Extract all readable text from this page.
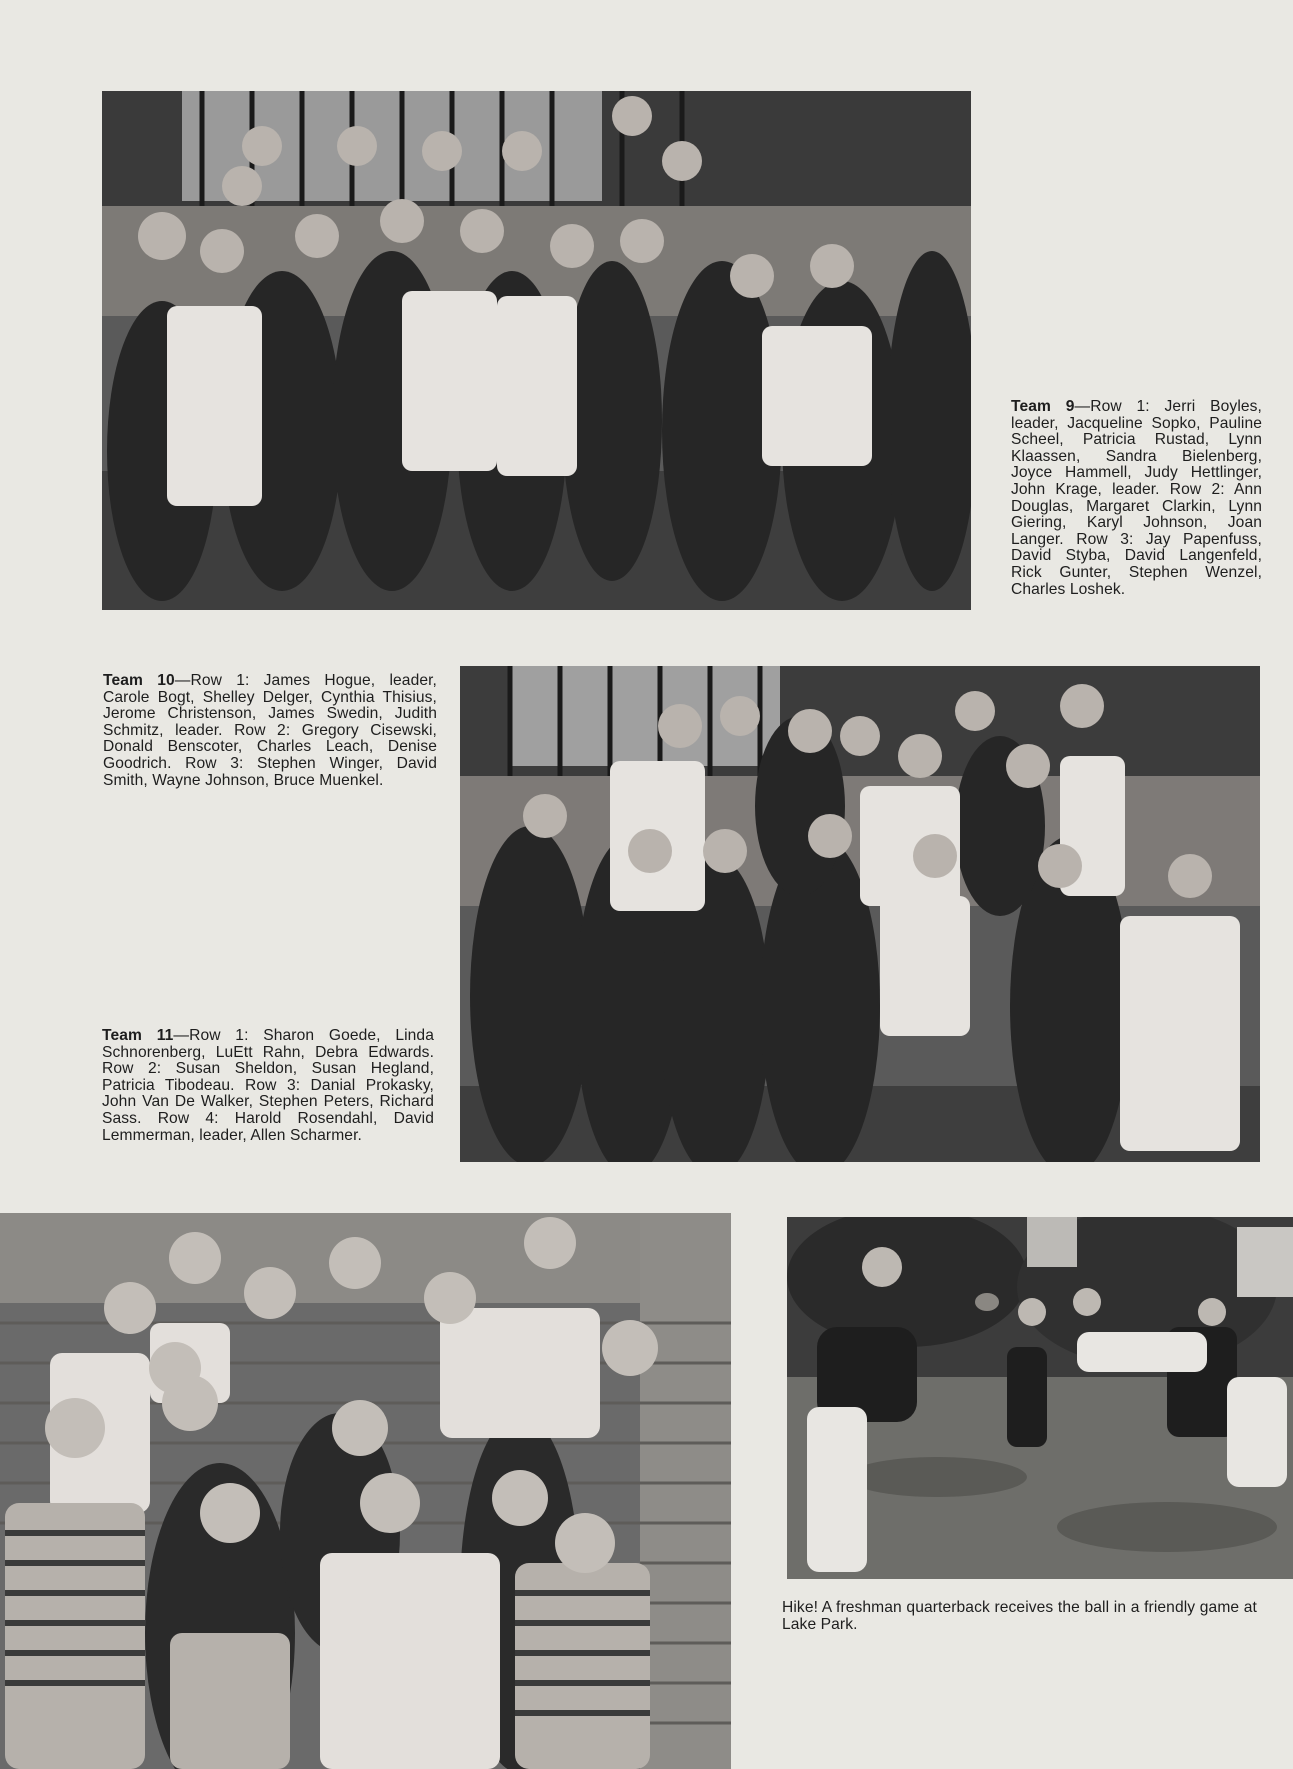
Team 9—Row 1: Jerri Boyles, leader, Jacqueline Sopko, Pauline Scheel, Patricia Rustad, Lynn Klaassen, Sandra Bielenberg, Joyce Hammell, Judy Hettlinger, John Krage, leader. Row 2: Ann Douglas, Margaret Clarkin, Lynn Giering, Karyl Johnson, Joan Langer. Row 3: Jay Papenfuss, David Styba, David Langenfeld, Rick Gunter, Stephen Wenzel, Charles Loshek.
Team 10—Row 1: James Hogue, leader, Carole Bogt, Shelley Delger, Cynthia Thisius, Jerome Christenson, James Swedin, Judith Schmitz, leader. Row 2: Gregory Cisewski, Donald Benscoter, Charles Leach, Denise Goodrich. Row 3: Stephen Winger, David Smith, Wayne Johnson, Bruce Muenkel.
Team 11—Row 1: Sharon Goede, Linda Schnorenberg, LuEtt Rahn, Debra Edwards. Row 2: Susan Sheldon, Susan Hegland, Patricia Tibodeau. Row 3: Danial Prokasky, John Van De Walker, Stephen Peters, Richard Sass. Row 4: Harold Rosendahl, David Lemmerman, leader, Allen Scharmer.
Hike! A freshman quarterback receives the ball in a friendly game at Lake Park.
